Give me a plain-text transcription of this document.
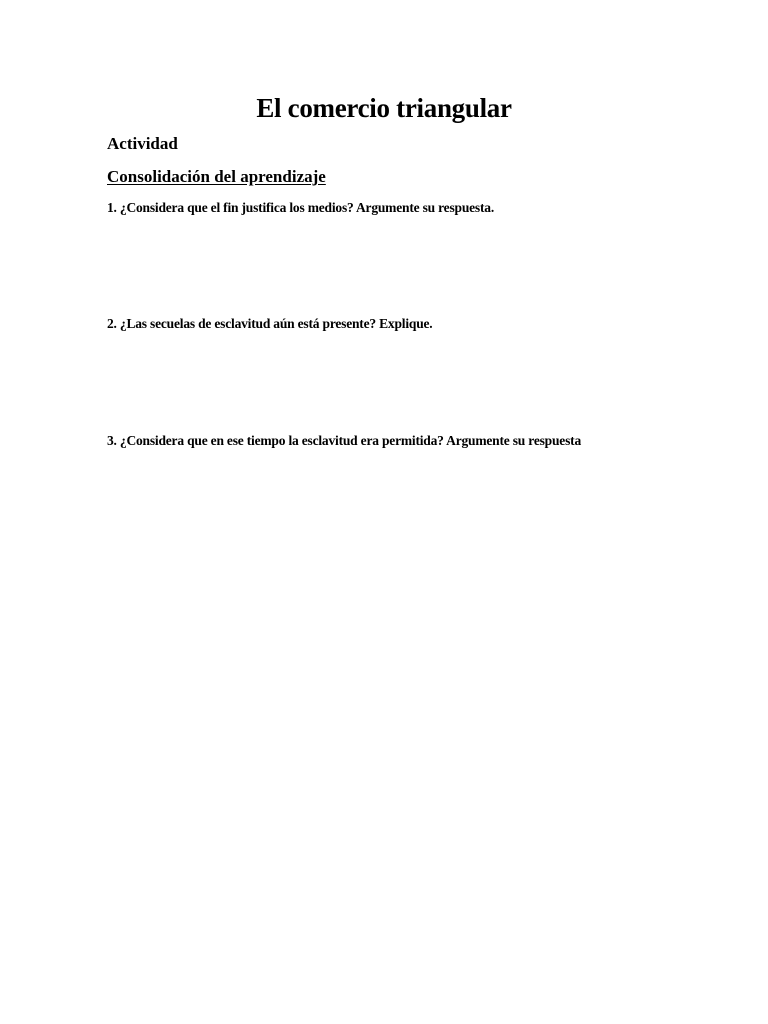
El comercio triangular
Actividad
Consolidación del aprendizaje
1. ¿Considera que el fin justifica los medios? Argumente su respuesta.
2. ¿Las secuelas de esclavitud aún está presente? Explique.
3. ¿Considera que en ese tiempo la esclavitud era permitida? Argumente su respuesta
